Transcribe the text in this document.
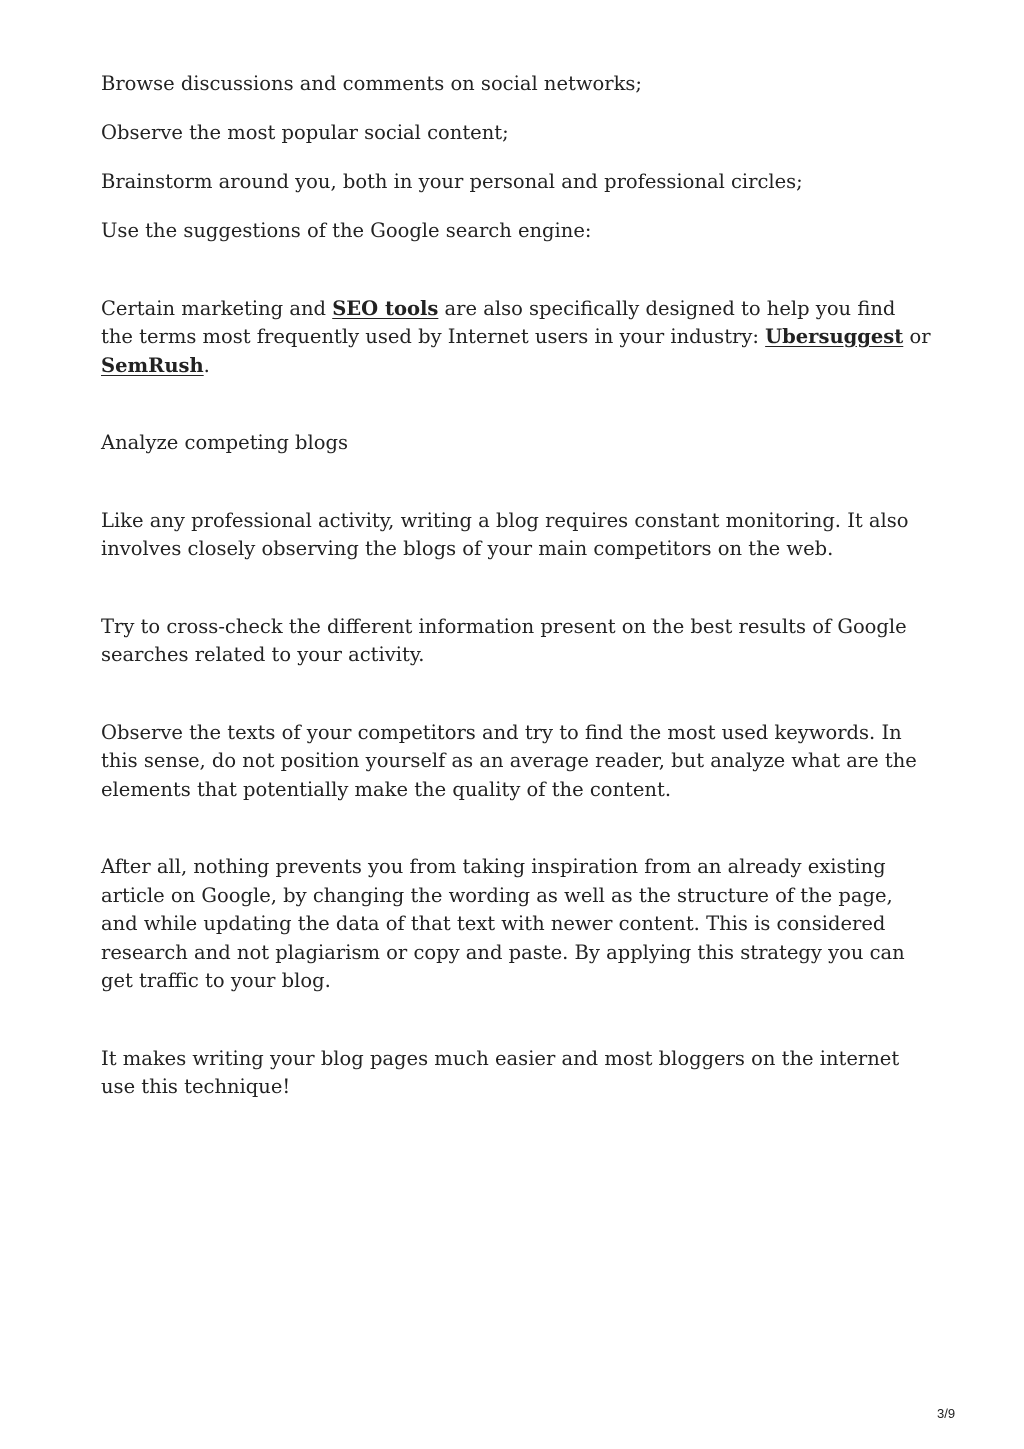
Browse discussions and comments on social networks;

Observe the most popular social content;

Brainstorm around you, both in your personal and professional circles;

Use the suggestions of the Google search engine:

Certain marketing and SEO tools are also specifically designed to help you find the terms most frequently used by Internet users in your industry: Ubersuggest or SemRush.

Analyze competing blogs

Like any professional activity, writing a blog requires constant monitoring. It also involves closely observing the blogs of your main competitors on the web.

Try to cross-check the different information present on the best results of Google searches related to your activity.

Observe the texts of your competitors and try to find the most used keywords. In this sense, do not position yourself as an average reader, but analyze what are the elements that potentially make the quality of the content.

After all, nothing prevents you from taking inspiration from an already existing article on Google, by changing the wording as well as the structure of the page, and while updating the data of that text with newer content. This is considered research and not plagiarism or copy and paste. By applying this strategy you can get traffic to your blog.

It makes writing your blog pages much easier and most bloggers on the internet use this technique!

3/9
